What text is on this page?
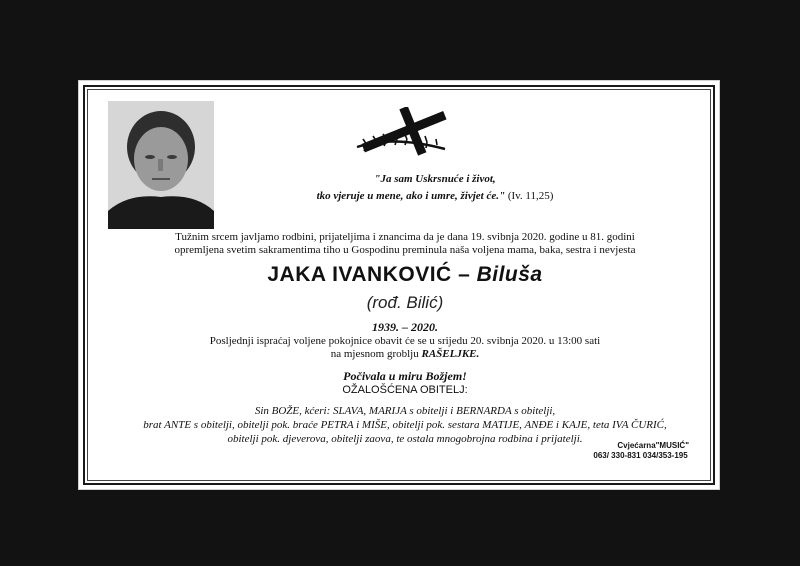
"Ja sam Uskrsnuće i život,
tko vjeruje u mene, ako i umre, živjet će." (Iv. 11,25)
Tužnim srcem javljamo rodbini, prijateljima i znancima da je dana 19. svibnja 2020. godine u 81. godini
opremljena svetim sakramentima tiho u Gospodinu preminula naša voljena mama, baka, sestra i nevjesta
JAKA IVANKOVIĆ – Biluša
(rođ. Bilić)
1939. – 2020.
Posljednji ispraćaj voljene pokojnice obavit će se u srijedu 20. svibnja 2020. u 13:00 sati
na mjesnom groblju RAŠELJKE.
Počivala u miru Božjem!
OŽALOŠĆENA OBITELJ:
Sin BOŽE, kćeri: SLAVA, MARIJA s obitelji i BERNARDA s obitelji,
brat ANTE s obitelji, obitelji pok. braće PETRA i MIŠE, obitelji pok. sestara MATIJE, ANĐE i KAJE, teta IVA ČURIĆ,
obitelji pok. djeverova, obitelji zaova, te ostala mnogobrojna rodbina i prijatelji.
Cvjećarna"MUSIĆ"
063/ 330-831 034/353-195
